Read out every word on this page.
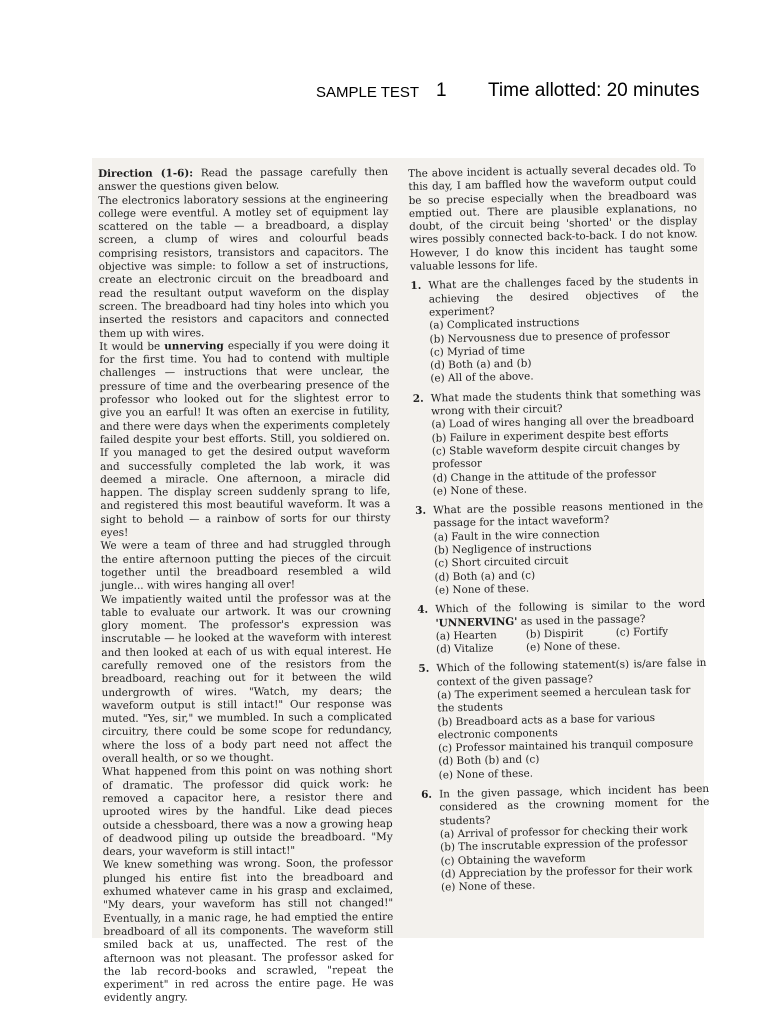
SAMPLE TEST 1 Time allotted: 20 minutes

Direction (1-6): Read the passage carefully then answer the questions given below.

The electronics laboratory sessions at the engineering college were eventful. A motley set of equipment lay scattered on the table — a breadboard, a display screen, a clump of wires and colourful beads comprising resistors, transistors and capacitors. The objective was simple: to follow a set of instructions, create an electronic circuit on the breadboard and read the resultant output waveform on the display screen. The breadboard had tiny holes into which you inserted the resistors and capacitors and connected them up with wires.

It would be unnerving especially if you were doing it for the first time. You had to contend with multiple challenges — instructions that were unclear, the pressure of time and the overbearing presence of the professor who looked out for the slightest error to give you an earful! It was often an exercise in futility, and there were days when the experiments completely failed despite your best efforts. Still, you soldiered on. If you managed to get the desired output waveform and successfully completed the lab work, it was deemed a miracle. One afternoon, a miracle did happen. The display screen suddenly sprang to life, and registered this most beautiful waveform. It was a sight to behold — a rainbow of sorts for our thirsty eyes!

We were a team of three and had struggled through the entire afternoon putting the pieces of the circuit together until the breadboard resembled a wild jungle... with wires hanging all over!

We impatiently waited until the professor was at the table to evaluate our artwork. It was our crowning glory moment. The professor's expression was inscrutable — he looked at the waveform with interest and then looked at each of us with equal interest. He carefully removed one of the resistors from the breadboard, reaching out for it between the wild undergrowth of wires. "Watch, my dears; the waveform output is still intact!" Our response was muted. "Yes, sir," we mumbled. In such a complicated circuitry, there could be some scope for redundancy, where the loss of a body part need not affect the overall health, or so we thought.

What happened from this point on was nothing short of dramatic. The professor did quick work: he removed a capacitor here, a resistor there and uprooted wires by the handful. Like dead pieces outside a chessboard, there was a now a growing heap of deadwood piling up outside the breadboard. "My dears, your waveform is still intact!"

We knew something was wrong. Soon, the professor plunged his entire fist into the breadboard and exhumed whatever came in his grasp and exclaimed, "My dears, your waveform has still not changed!" Eventually, in a manic rage, he had emptied the entire breadboard of all its components. The waveform still smiled back at us, unaffected. The rest of the afternoon was not pleasant. The professor asked for the lab record-books and scrawled, "repeat the experiment" in red across the entire page. He was evidently angry.

The above incident is actually several decades old. To this day, I am baffled how the waveform output could be so precise especially when the breadboard was emptied out. There are plausible explanations, no doubt, of the circuit being 'shorted' or the display wires possibly connected back-to-back. I do not know. However, I do know this incident has taught some valuable lessons for life.

1. What are the challenges faced by the students in achieving the desired objectives of the experiment?
(a) Complicated instructions
(b) Nervousness due to presence of professor
(c) Myriad of time
(d) Both (a) and (b)
(e) All of the above.
2. What made the students think that something was wrong with their circuit?
(a) Load of wires hanging all over the breadboard
(b) Failure in experiment despite best efforts
(c) Stable waveform despite circuit changes by professor
(d) Change in the attitude of the professor
(e) None of these.
3. What are the possible reasons mentioned in the passage for the intact waveform?
(a) Fault in the wire connection
(b) Negligence of instructions
(c) Short circuited circuit
(d) Both (a) and (c)
(e) None of these.
4. Which of the following is similar to the word 'UNNERVING' as used in the passage?
(a) Hearten	(b) Dispirit	(c) Fortify
(d) Vitalize	(e) None of these.
5. Which of the following statement(s) is/are false in context of the given passage?
(a) The experiment seemed a herculean task for the students
(b) Breadboard acts as a base for various electronic components
(c) Professor maintained his tranquil composure
(d) Both (b) and (c)
(e) None of these.
6. In the given passage, which incident has been considered as the crowning moment for the students?
(a) Arrival of professor for checking their work
(b) The inscrutable expression of the professor
(c) Obtaining the waveform
(d) Appreciation by the professor for their work
(e) None of these.
